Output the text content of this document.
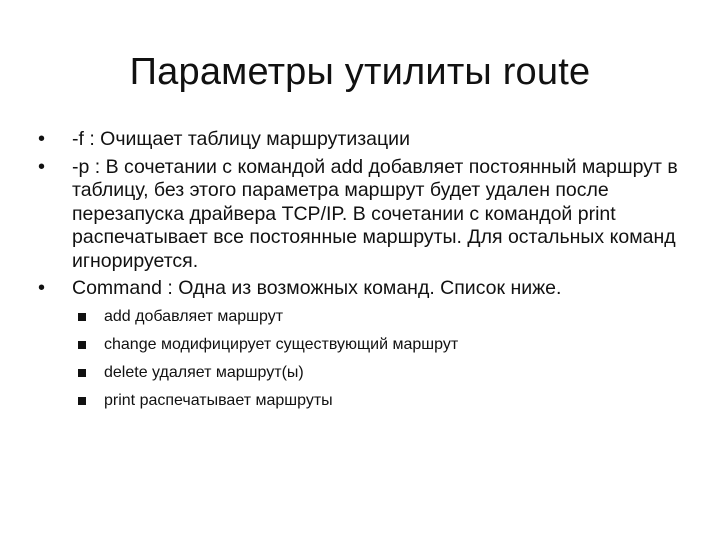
Параметры утилиты route
• -f : Очищает таблицу маршрутизации
• -p : В сочетании с командой add добавляет постоянный маршрут в таблицу, без этого параметра маршрут будет удален после перезапуска драйвера TCP/IP. В сочетании с командой print распечатывает все постоянные маршруты. Для остальных команд игнорируется.
• Command : Одна из возможных команд. Список ниже.
add добавляет маршрут
change модифицирует существующий маршрут
delete удаляет маршрут(ы)
print распечатывает маршруты
